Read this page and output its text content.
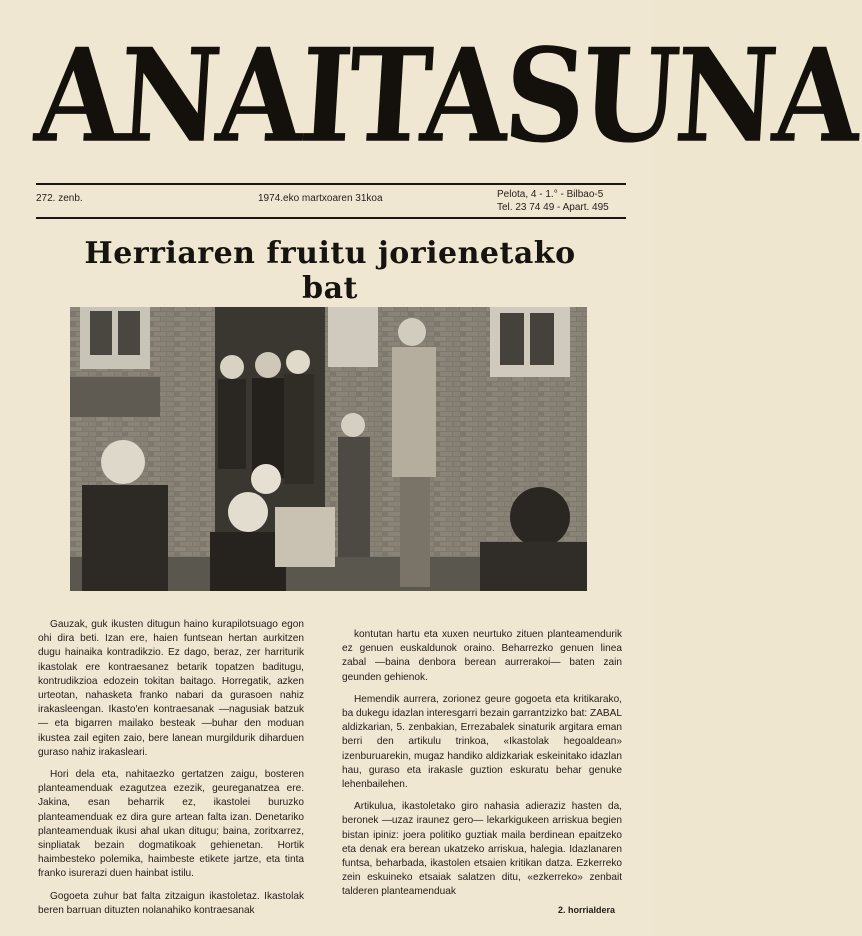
ANAITASUNA
272. zenb.	1974.eko martxoaren 31koa	Pelota, 4 - 1.° - Bilbao-5
Tel. 23 74 49 - Apart. 495
Herriaren fruitu jorienetako bat

Gauzak, guk ikusten ditugun haino kurapilotsuago egon ohi dira beti. Izan ere, haien funtsean hertan aurkitzen dugu hainaika kontradikzio. Ez dago, beraz, zer harriturik ikastolak ere kontraesanez betarik topatzen baditugu, kontrudikzioa edozein tokitan baitago. Horregatik, azken urteotan, nahasketa franko nabari da gurasoen nahiz irakasleengan. Ikasto'en kontraesanak —nagusiak batzuk— eta bigarren mailako besteak —buhar den moduan ikustea zail egiten zaio, bere lanean murgildurik diharduen guraso nahiz irakasleari.

Hori dela eta, nahitaezko gertatzen zaigu, bosteren planteamenduak ezagutzea ezezik, geureganatzea ere. Jakina, esan beharrik ez, ikastolei buruzko planteamenduak ez dira gure artean falta izan. Denetariko planteamenduak ikusi ahal ukan ditugu; baina, zoritxarrez, sinpliatak bezain dogmatikoak gehienetan. Hortik haimbesteko polemika, haimbeste etikete jartze, eta tinta franko isurerazi duen hainbat istilu.

Gogoeta zuhur bat falta zitzaigun ikastoletaz. Ikastolak beren barruan dituzten nolanahiko kontraesanak

kontutan hartu eta xuxen neurtuko zituen planteamendurik ez genuen euskaldunok oraino. Beharrezko genuen linea zabal —baina denbora berean aurrerakoi— baten zain geunden gehienok.

Hemendik aurrera, zorionez geure gogoeta eta kritikarako, ba dukegu idazlan interesgarri bezain garrantzizko bat: ZABAL aldizkarian, 5. zenbakian, Errezabalek sinaturik argitara eman berri den artikulu trinkoa, «Ikastolak hegoaldean» izenburuarekin, mugaz handiko aldizkariak eskeinitako idazlan hau, guraso eta irakasle guztion eskuratu behar genuke lehenbailehen.

Artikulua, ikastoletako giro nahasia adieraziz hasten da, beronek —uzaz iraunez gero— lekarkigukeen arriskua begien bistan ipiniz: joera politiko guztiak maila berdinean epaitzeko eta denak era berean ukatzeko arriskua, halegia. Idazlanaren funtsa, beharbada, ikastolen etsaien kritikan datza. Ezkerreko zein eskuineko etsaiak salatzen ditu, «ezkerreko» zenbait talderen planteamenduak

2. horrialdera
